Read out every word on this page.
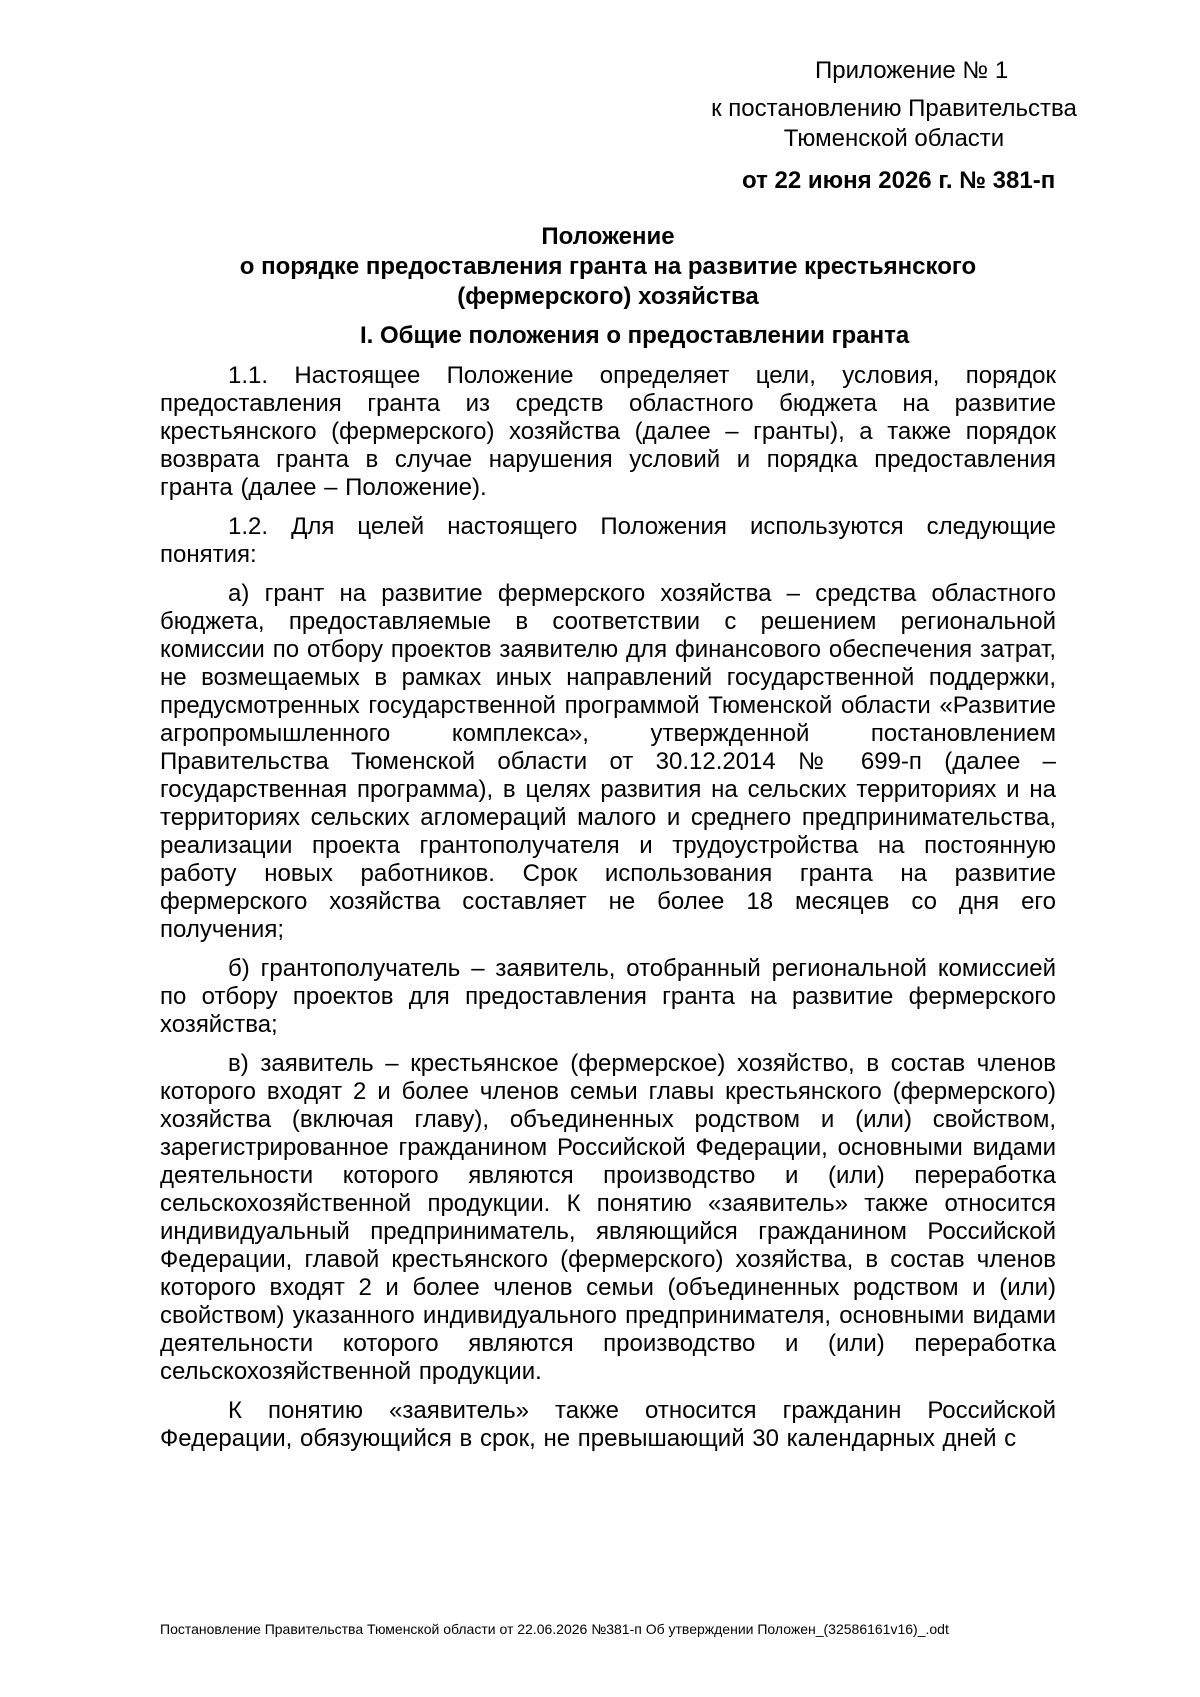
Приложение № 1
к постановлению Правительства
Тюменской области
от 22 июня 2026 г. № 381-п
Положение
о порядке предоставления гранта на развитие крестьянского
(фермерского) хозяйства
I. Общие положения о предоставлении гранта

1.1. Настоящее Положение определяет цели, условия, порядок предоставления гранта из средств областного бюджета на развитие крестьянского (фермерского) хозяйства (далее – гранты), а также порядок возврата гранта в случае нарушения условий и порядка предоставления гранта (далее – Положение).

1.2. Для целей настоящего Положения используются следующие понятия:

а) грант на развитие фермерского хозяйства – средства областного бюджета, предоставляемые в соответствии с решением региональной комиссии по отбору проектов заявителю для финансового обеспечения затрат, не возмещаемых в рамках иных направлений государственной поддержки, предусмотренных государственной программой Тюменской области «Развитие агропромышленного комплекса», утвержденной постановлением Правительства Тюменской области от 30.12.2014 № 699-п (далее – государственная программа), в целях развития на сельских территориях и на территориях сельских агломераций малого и среднего предпринимательства, реализации проекта грантополучателя и трудоустройства на постоянную работу новых работников. Срок использования гранта на развитие фермерского хозяйства составляет не более 18 месяцев со дня его получения;

б) грантополучатель – заявитель, отобранный региональной комиссией по отбору проектов для предоставления гранта на развитие фермерского хозяйства;

в) заявитель – крестьянское (фермерское) хозяйство, в состав членов которого входят 2 и более членов семьи главы крестьянского (фермерского) хозяйства (включая главу), объединенных родством и (или) свойством, зарегистрированное гражданином Российской Федерации, основными видами деятельности которого являются производство и (или) переработка сельскохозяйственной продукции. К понятию «заявитель» также относится индивидуальный предприниматель, являющийся гражданином Российской Федерации, главой крестьянского (фермерского) хозяйства, в состав членов которого входят 2 и более членов семьи (объединенных родством и (или) свойством) указанного индивидуального предпринимателя, основными видами деятельности которого являются производство и (или) переработка сельскохозяйственной продукции.

К понятию «заявитель» также относится гражданин Российской Федерации, обязующийся в срок, не превышающий 30 календарных дней с

Постановление Правительства Тюменской области от 22.06.2026 №381-п Об утверждении Положен_(32586161v16)_.odt
